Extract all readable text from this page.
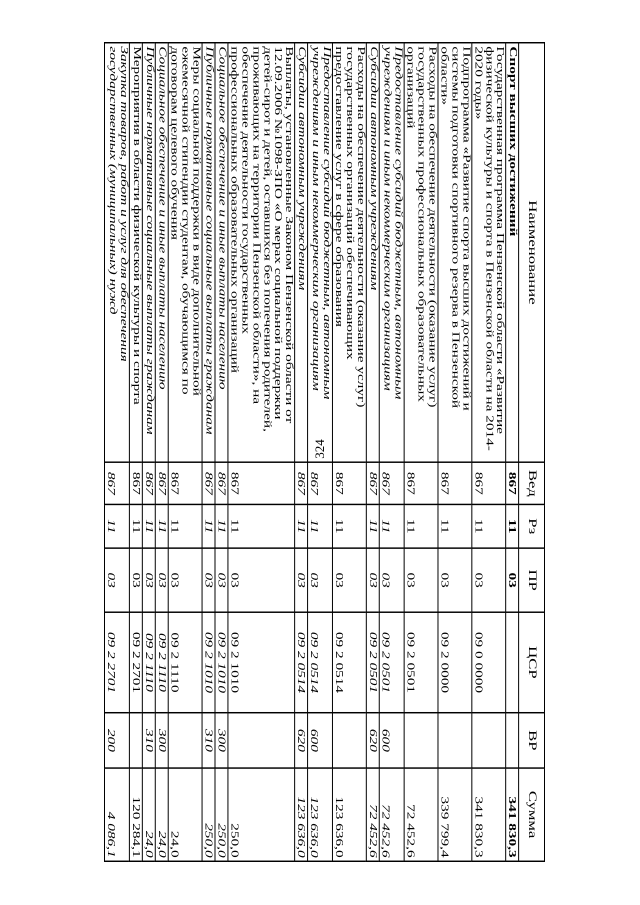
324
Наименование	Вед	Рз	ПР	ЦСР	ВР	Сумма
Спорт высших достижений	867	11	03			341 830,3
Государственная программа Пензенской области «Развитие физической культуры и спорта в Пензенской области на 2014-2020 годы»	867	11	03	09 0 0000		341 830,3
Подпрограмма «Развитие спорта высших достижений и системы подготовки спортивного резерва в Пензенской области»	867	11	03	09 2 0000		339 799,4
Расходы на обеспечение деятельности (оказание услуг) государственных профессиональных образовательных организаций	867	11	03	09 2 0501		72 452,6
Предоставление субсидий бюджетным, автономным учреждениям и иным некоммерческим организациям	867	11	03	09 2 0501	600	72 452,6
Субсидии автономным учреждениям	867	11	03	09 2 0501	620	72 452,6
Расходы на обеспечение деятельности (оказание услуг) государственных организаций обеспечивающих предоставление услуг в сфере образования	867	11	03	09 2 0514		123 636,0
Предоставление субсидий бюджетным, автономным учреждениям и иным некоммерческим организациям	867	11	03	09 2 0514	600	123 636,0
Субсидии автономным учреждениям	867	11	03	09 2 0514	620	123 636,0
Выплаты, установленные Законом Пензенской области от 12.09.2006 №1098-ЗПО «О мерах социальной поддержки детей-сирот и детей, оставшихся без попечения родителей, проживающих на территории Пензенской области», на обеспечение деятельности государственных профессиональных образовательных организаций	867	11	03	09 2 1010		250,0
Социальное обеспечение и иные выплаты населению	867	11	03	09 2 1010	300	250,0
Публичные нормативные социальные выплаты гражданам	867	11	03	09 2 1010	310	250,0
Меры социальной поддержки в виде дополнительной ежемесячной стипендии студентам, обучающимся по договорам целевого обучения	867	11	03	09 2 1110		24,0
Социальное обеспечение и иные выплаты населению	867	11	03	09 2 1110	300	24,0
Публичные нормативные социальные выплаты гражданам	867	11	03	09 2 1110	310	24,0
Мероприятия в области физической культуры и спорта	867	11	03	09 2 2701		120 284,1
Закупка товаров, работ и услуг для обеспечения государственных (муниципальных) нужд	867	11	03	09 2 2701	200	4 086,1
